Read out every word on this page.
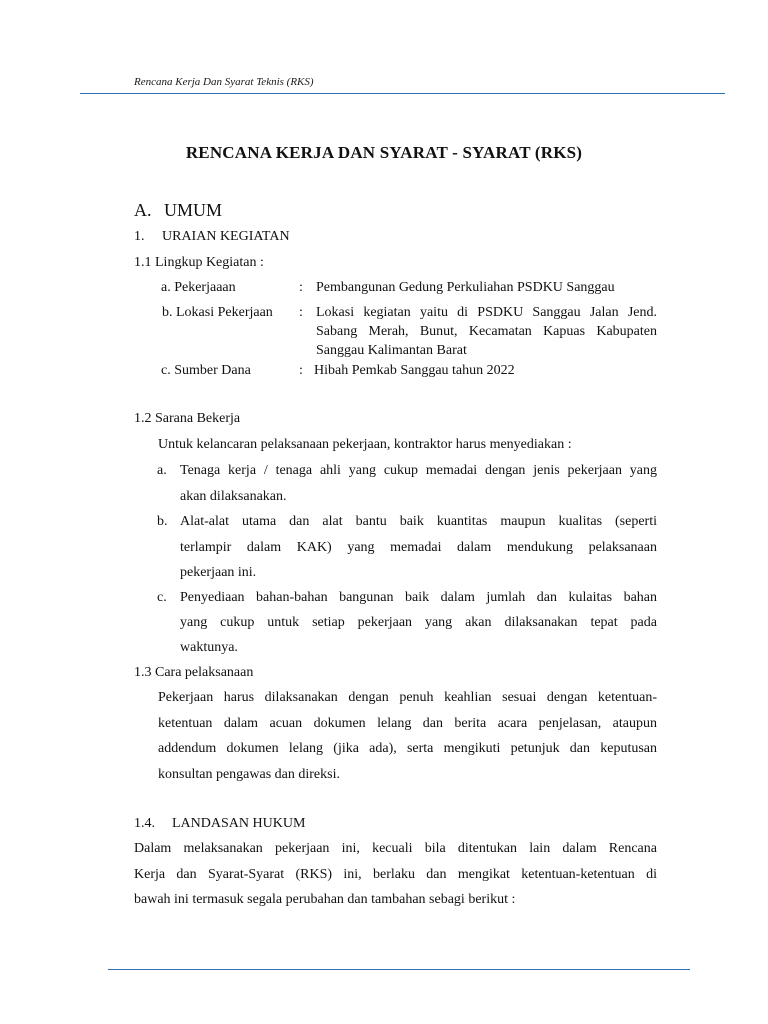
Rencana Kerja Dan Syarat Teknis (RKS)
RENCANA KERJA DAN SYARAT - SYARAT (RKS)
A. UMUM
1. URAIAN KEGIATAN
1.1 Lingkup Kegiatan :
a. Pekerjaaan	: Pembangunan Gedung Perkuliahan PSDKU Sanggau
b. Lokasi Pekerjaan : Lokasi kegiatan yaitu di PSDKU Sanggau Jalan Jend.
Sabang Merah, Bunut, Kecamatan Kapuas Kabupaten
Sanggau Kalimantan Barat
c. Sumber Dana	: Hibah Pemkab Sanggau tahun 2022
1.2 Sarana Bekerja
Untuk kelancaran pelaksanaan pekerjaan, kontraktor harus menyediakan :
a. Tenaga kerja / tenaga ahli yang cukup memadai dengan jenis pekerjaan yang
akan dilaksanakan.
b. Alat-alat utama dan alat bantu baik kuantitas maupun kualitas (seperti
terlampir dalam KAK) yang memadai dalam mendukung pelaksanaan
pekerjaan ini.
c. Penyediaan bahan-bahan bangunan baik dalam jumlah dan kulaitas bahan
yang cukup untuk setiap pekerjaan yang akan dilaksanakan tepat pada
waktunya.
1.3 Cara pelaksanaan
Pekerjaan harus dilaksanakan dengan penuh keahlian sesuai dengan ketentuan-
ketentuan dalam acuan dokumen lelang dan berita acara penjelasan, ataupun
addendum dokumen lelang (jika ada), serta mengikuti petunjuk dan keputusan
konsultan pengawas dan direksi.
1.4. LANDASAN HUKUM
Dalam melaksanakan pekerjaan ini, kecuali bila ditentukan lain dalam Rencana
Kerja dan Syarat-Syarat (RKS) ini, berlaku dan mengikat ketentuan-ketentuan di
bawah ini termasuk segala perubahan dan tambahan sebagi berikut :
